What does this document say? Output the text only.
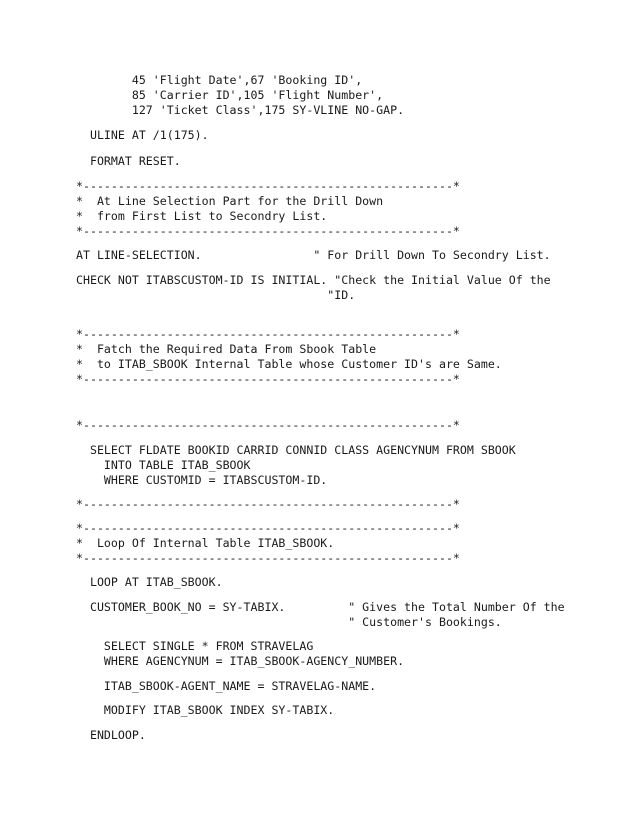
45 'Flight Date',67 'Booking ID',
85 'Carrier ID',105 'Flight Number',
127 'Ticket Class',175 SY-VLINE NO-GAP.
ULINE AT /1(175).
FORMAT RESET.
*-----------------------------------------------------*
*  At Line Selection Part for the Drill Down
*  from First List to Secondry List.
*-----------------------------------------------------*
AT LINE-SELECTION.                " For Drill Down To Secondry List.
CHECK NOT ITABSCUSTOM-ID IS INITIAL. "Check the Initial Value Of the
"ID.
*-----------------------------------------------------*
*  Fatch the Required Data From Sbook Table
*  to ITAB_SBOOK Internal Table whose Customer ID's are Same.
*-----------------------------------------------------*
*-----------------------------------------------------*
SELECT FLDATE BOOKID CARRID CONNID CLASS AGENCYNUM FROM SBOOK
INTO TABLE ITAB_SBOOK
WHERE CUSTOMID = ITABSCUSTOM-ID.
*-----------------------------------------------------*
*-----------------------------------------------------*
*  Loop Of Internal Table ITAB_SBOOK.
*-----------------------------------------------------*
LOOP AT ITAB_SBOOK.
CUSTOMER_BOOK_NO = SY-TABIX.         " Gives the Total Number Of the
" Customer's Bookings.
SELECT SINGLE * FROM STRAVELAG
WHERE AGENCYNUM = ITAB_SBOOK-AGENCY_NUMBER.
ITAB_SBOOK-AGENT_NAME = STRAVELAG-NAME.
MODIFY ITAB_SBOOK INDEX SY-TABIX.
ENDLOOP.
